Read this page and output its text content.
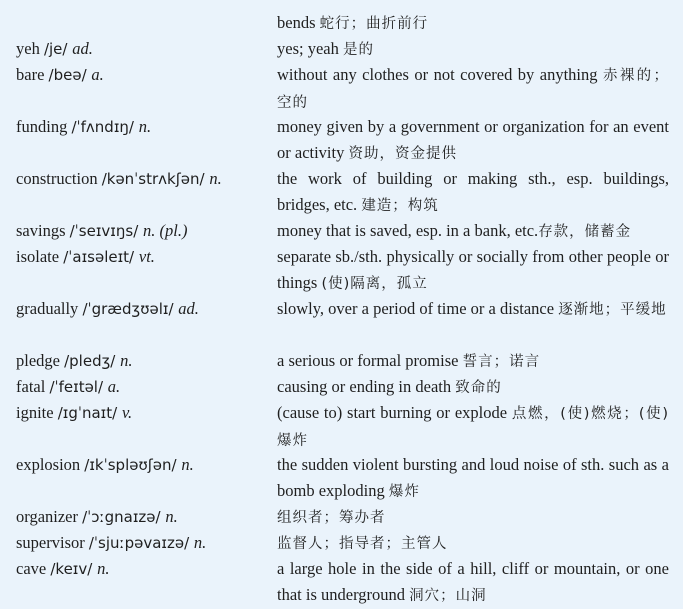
bends 蛇行；曲折前行
yeh /je/ ad.	yes; yeah 是的
bare /beə/ a.	without any clothes or not covered by anything 赤裸的；空的
funding /ˈfʌndɪŋ/ n.	money given by a government or organization for an event or activity 资助，资金提供
construction /kənˈstrʌkʃən/ n.	the work of building or making sth., esp. buildings, bridges, etc. 建造；构筑
savings /ˈseɪvɪŋs/ n. (pl.)	money that is saved, esp. in a bank, etc.存款，储蓄金
isolate /ˈaɪsəleɪt/ vt.	separate sb./sth. physically or socially from other people or things (使)隔离，孤立
gradually /ˈgrædʒʊəlɪ/ ad.	slowly, over a period of time or a distance 逐渐地；平缓地
pledge /pledʒ/ n.	a serious or formal promise 誓言；诺言
fatal /ˈfeɪtəl/ a.	causing or ending in death 致命的
ignite /ɪgˈnaɪt/ v.	(cause to) start burning or explode 点燃，(使)燃烧；(使)爆炸
explosion /ɪkˈspləʊʃən/ n.	the sudden violent bursting and loud noise of sth. such as a bomb exploding 爆炸
organizer /ˈɔːgnaɪzə/ n.	组织者；筹办者
supervisor /ˈsjuːpəvaɪzə/ n.	监督人；指导者；主管人
cave /keɪv/ n.	a large hole in the side of a hill, cliff or mountain, or one that is underground 洞穴；山洞
